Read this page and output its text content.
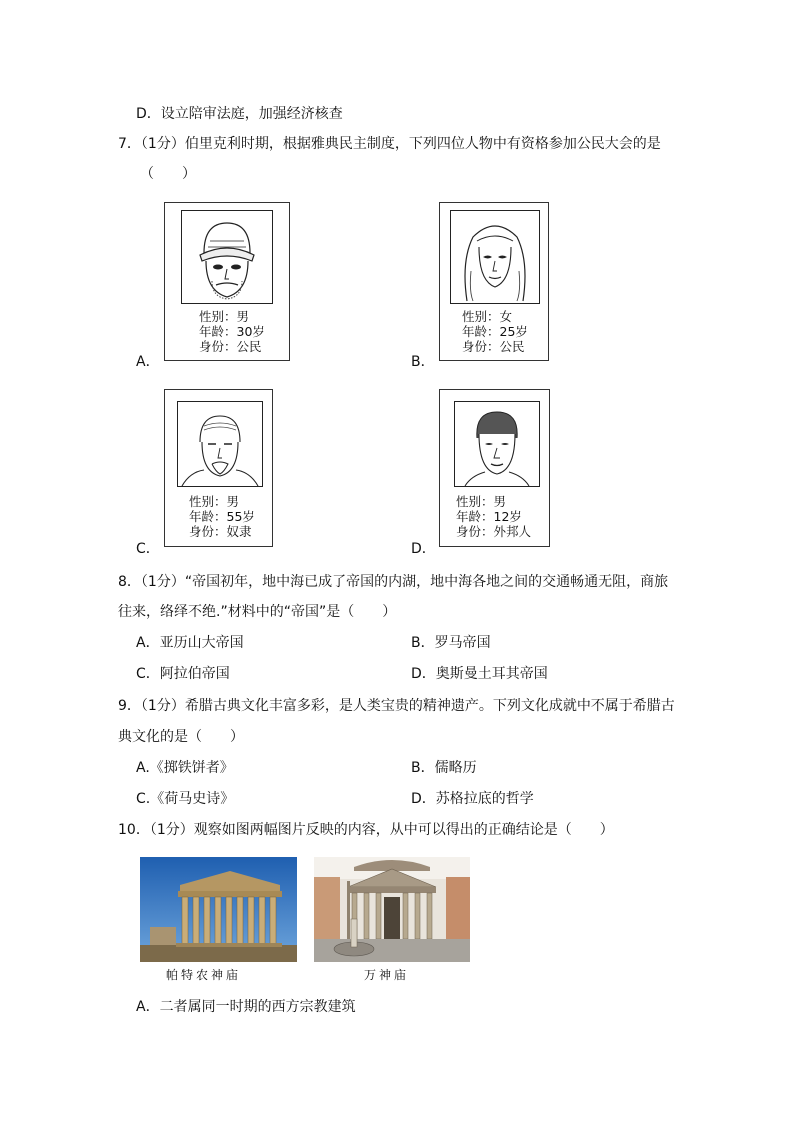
D．设立陪审法庭，加强经济核查
7．（1分）伯里克利时期，根据雅典民主制度，下列四位人物中有资格参加公民大会的是
（　　）
A．
性别：男
年龄：30岁
身份：公民
B．
性别：女
年龄：25岁
身份：公民
C．
性别：男
年龄：55岁
身份：奴隶
D．
性别：男
年龄：12岁
身份：外邦人
8．（1分）“帝国初年，地中海已成了帝国的内湖，地中海各地之间的交通畅通无阻，商旅
往来，络绎不绝.”材料中的“帝国”是（　　）
A．亚历山大帝国	B．罗马帝国
C．阿拉伯帝国	D．奥斯曼土耳其帝国
9．（1分）希腊古典文化丰富多彩，是人类宝贵的精神遗产。下列文化成就中不属于希腊古
典文化的是（　　）
A.《掷铁饼者》	B．儒略历
C.《荷马史诗》	D．苏格拉底的哲学
10．（1分）观察如图两幅图片反映的内容，从中可以得出的正确结论是（　　）
帕特农神庙	万神庙
A．二者属同一时期的西方宗教建筑
